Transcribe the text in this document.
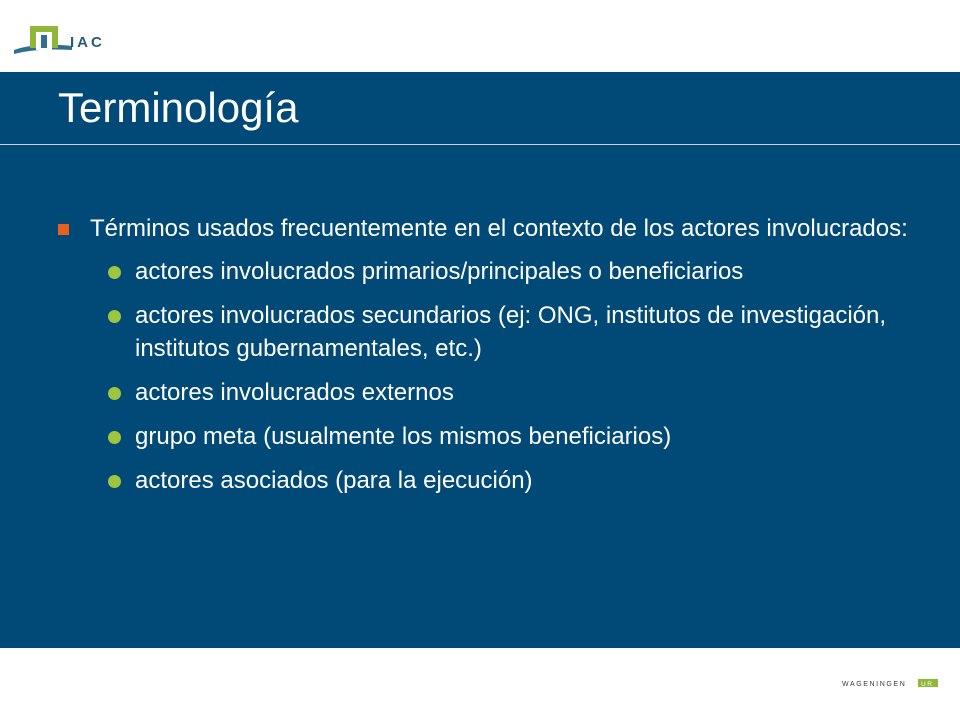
IAC
Terminología

Términos usados frecuentemente en el contexto de los actores involucrados:

actores involucrados primarios/principales o beneficiarios
actores involucrados secundarios (ej: ONG, institutos de investigación, institutos gubernamentales, etc.)
actores involucrados externos
grupo meta (usualmente los mismos beneficiarios)
actores asociados (para la ejecución)
WAGENINGEN UR
